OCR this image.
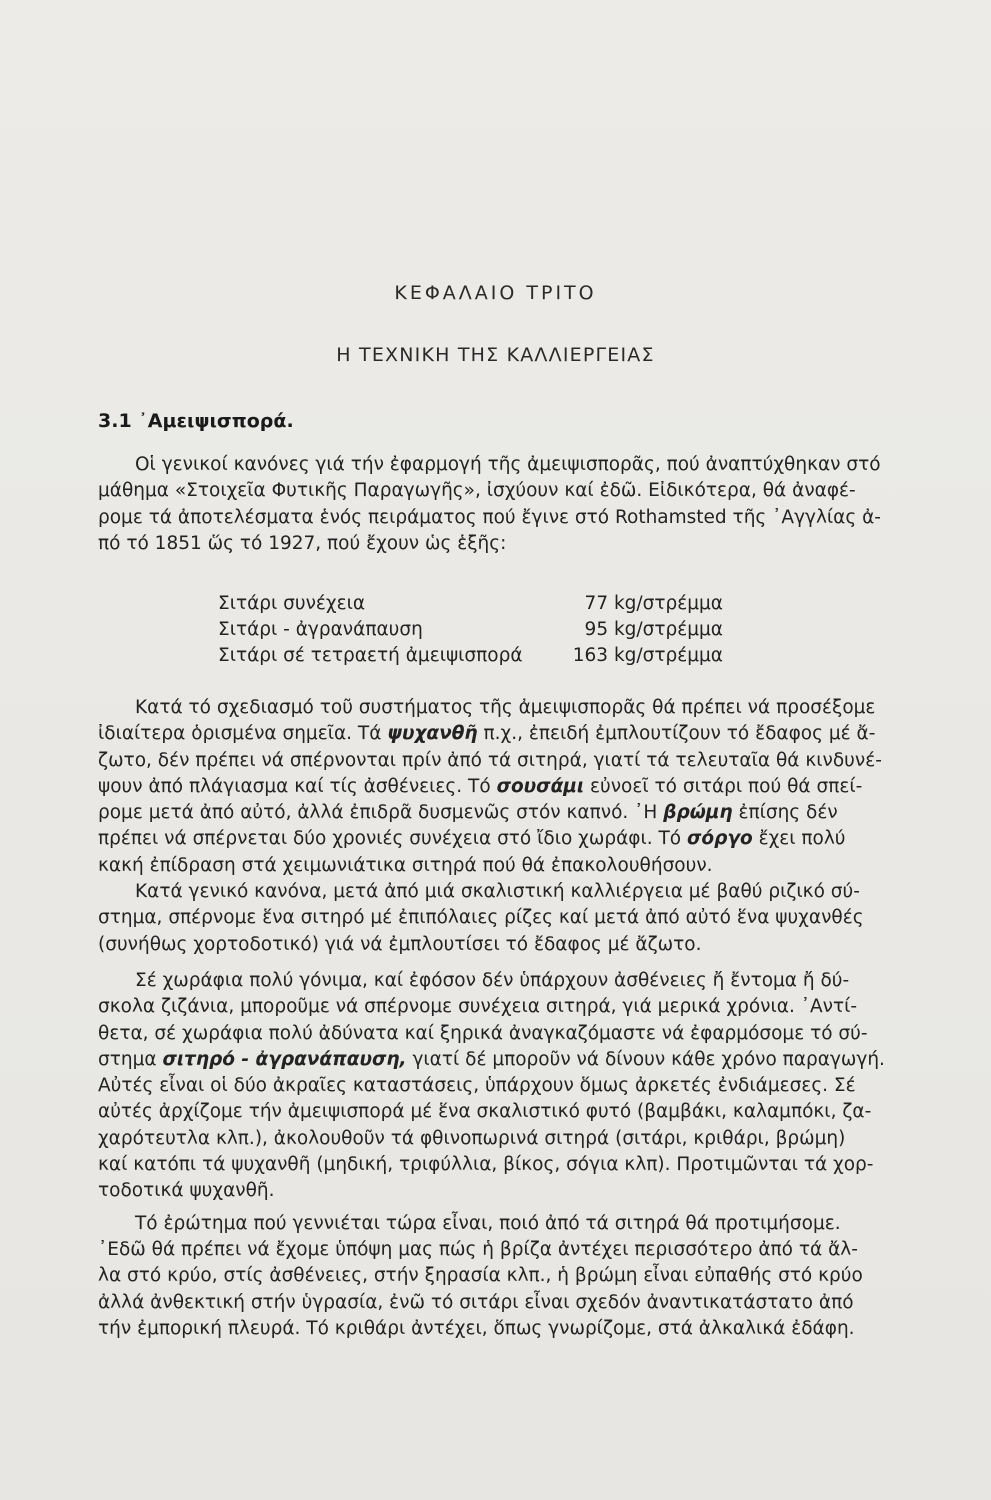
ΚΕΦΑΛΑΙΟ ΤΡΙΤΟ
Η ΤΕΧΝΙΚΗ ΤΗΣ ΚΑΛΛΙΕΡΓΕΙΑΣ
3.1 ᾽Αμειψισπορά.

Οἱ γενικοί κανόνες γιά τήν ἐφαρμογή τῆς ἀμειψισπορᾶς, πού ἀναπτύχθηκαν στό

μάθημα «Στοιχεῖα Φυτικῆς Παραγωγῆς», ἰσχύουν καί ἐδῶ. Εἰδικότερα, θά ἀναφέ-

ρομε τά ἀποτελέσματα ἑνός πειράματος πού ἔγινε στό Rothamsted τῆς ᾽Αγγλίας ἀ-

πό τό 1851 ὥς τό 1927, πού ἔχουν ὡς ἑξῆς:

Σιτάρι συνέχεια	77 kg/στρέμμα
Σιτάρι - ἀγρανάπαυση	95 kg/στρέμμα
Σιτάρι σέ τετραετή ἀμειψισπορά	163 kg/στρέμμα

Κατά τό σχεδιασμό τοῦ συστήματος τῆς ἀμειψισπορᾶς θά πρέπει νά προσέξομε

ἰδιαίτερα ὁρισμένα σημεῖα. Τά ψυχανθῆ π.χ., ἐπειδή ἐμπλουτίζουν τό ἔδαφος μέ ἄ-

ζωτο, δέν πρέπει νά σπέρνονται πρίν ἀπό τά σιτηρά, γιατί τά τελευταῖα θά κινδυνέ-

ψουν ἀπό πλάγιασμα καί τίς ἀσθένειες. Τό σουσάμι εὐνοεῖ τό σιτάρι πού θά σπεί-

ρομε μετά ἀπό αὐτό, ἀλλά ἐπιδρᾶ δυσμενῶς στόν καπνό. ᾽Η βρώμη ἐπίσης δέν

πρέπει νά σπέρνεται δύο χρονιές συνέχεια στό ἴδιο χωράφι. Τό σόργο ἔχει πολύ

κακή ἐπίδραση στά χειμωνιάτικα σιτηρά πού θά ἐπακολουθήσουν.

Κατά γενικό κανόνα, μετά ἀπό μιά σκαλιστική καλλιέργεια μέ βαθύ ριζικό σύ-

στημα, σπέρνομε ἕνα σιτηρό μέ ἐπιπόλαιες ρίζες καί μετά ἀπό αὐτό ἕνα ψυχανθές

(συνήθως χορτοδοτικό) γιά νά ἐμπλουτίσει τό ἔδαφος μέ ἄζωτο.

Σέ χωράφια πολύ γόνιμα, καί ἐφόσον δέν ὑπάρχουν ἀσθένειες ἤ ἔντομα ἤ δύ-

σκολα ζιζάνια, μποροῦμε νά σπέρνομε συνέχεια σιτηρά, γιά μερικά χρόνια. ᾽Αντί-

θετα, σέ χωράφια πολύ ἀδύνατα καί ξηρικά ἀναγκαζόμαστε νά ἐφαρμόσομε τό σύ-

στημα σιτηρό - ἀγρανάπαυση, γιατί δέ μποροῦν νά δίνουν κάθε χρόνο παραγωγή.

Αὐτές εἶναι οἱ δύο ἀκραῖες καταστάσεις, ὑπάρχουν ὅμως ἀρκετές ἐνδιάμεσες. Σέ

αὐτές ἀρχίζομε τήν ἀμειψισπορά μέ ἕνα σκαλιστικό φυτό (βαμβάκι, καλαμπόκι, ζα-

χαρότευτλα κλπ.), ἀκολουθοῦν τά φθινοπωρινά σιτηρά (σιτάρι, κριθάρι, βρώμη)

καί κατόπι τά ψυχανθῆ (μηδική, τριφύλλια, βίκος, σόγια κλπ). Προτιμῶνται τά χορ-

τοδοτικά ψυχανθῆ.

Τό ἐρώτημα πού γεννιέται τώρα εἶναι, ποιό ἀπό τά σιτηρά θά προτιμήσομε.

᾽Εδῶ θά πρέπει νά ἔχομε ὑπόψη μας πώς ἡ βρίζα ἀντέχει περισσότερο ἀπό τά ἄλ-

λα στό κρύο, στίς ἀσθένειες, στήν ξηρασία κλπ., ἡ βρώμη εἶναι εὐπαθής στό κρύο

ἀλλά ἀνθεκτική στήν ὑγρασία, ἐνῶ τό σιτάρι εἶναι σχεδόν ἀναντικατάστατο ἀπό

τήν ἐμπορική πλευρά. Τό κριθάρι ἀντέχει, ὅπως γνωρίζομε, στά ἀλκαλικά ἐδάφη.
